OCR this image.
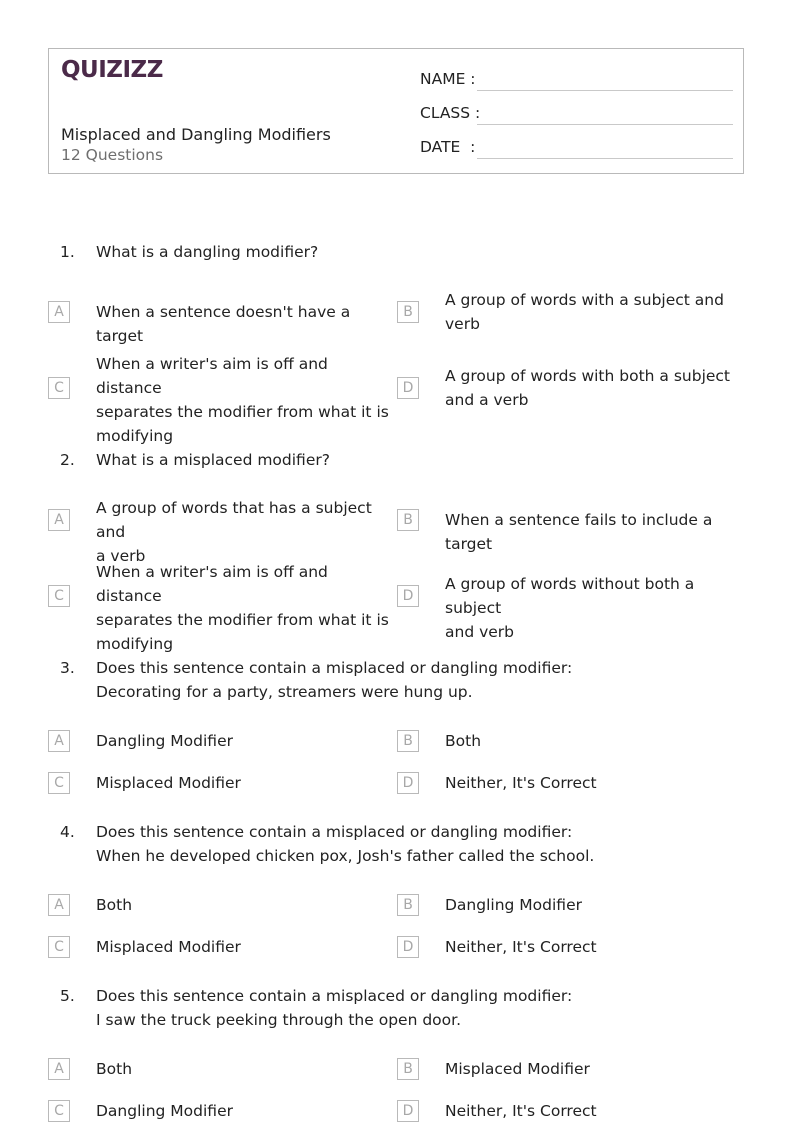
QUIZIZZ
Misplaced and Dangling Modifiers
12 Questions
NAME :
CLASS :
DATE  :
1. What is a dangling modifier?
A	When a sentence doesn't have a target
B
A group of words with a subject and
verb
C
When a writer's aim is off and distance
separates the modifier from what it is
modifying
D
A group of words with both a subject
and a verb
2. What is a misplaced modifier?
A
A group of words that has a subject and
a verb
B	When a sentence fails to include a target
C
When a writer's aim is off and distance
separates the modifier from what it is
modifying
D
A group of words without both a subject
and verb
3. Does this sentence contain a misplaced or dangling modifier:
Decorating for a party, streamers were hung up.
A	Dangling Modifier	B	Both
C	Misplaced Modifier	D	Neither, It's Correct
4. Does this sentence contain a misplaced or dangling modifier:
When he developed chicken pox, Josh's father called the school.
A	Both	B	Dangling Modifier
C	Misplaced Modifier	D	Neither, It's Correct
5. Does this sentence contain a misplaced or dangling modifier:
I saw the truck peeking through the open door.
A	Both	B	Misplaced Modifier
C	Dangling Modifier	D	Neither, It's Correct
